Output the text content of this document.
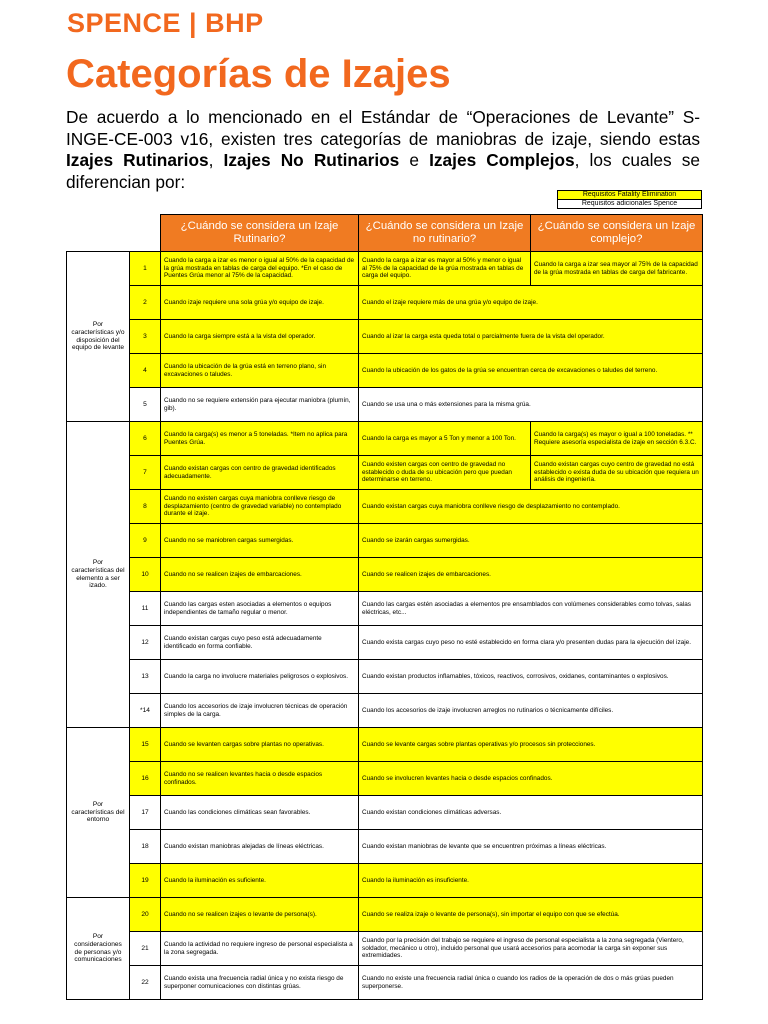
SPENCE | BHP
Categorías de Izajes

De acuerdo a lo mencionado en el Estándar de “Operaciones de Levante” S-INGE-CE-003 v16, existen tres categorías de maniobras de izaje, siendo estas Izajes Rutinarios, Izajes No Rutinarios e Izajes Complejos, los cuales se diferencian por:

Requisitos Fatality Elimination
Requisitos adicionales Spence
		¿Cuándo se considera un Izaje Rutinario?	¿Cuándo se considera un Izaje no rutinario?	¿Cuándo se considera un Izaje complejo?
Por características y/o disposición del equipo de levante	1	Cuando la carga a izar es menor o igual al 50% de la capacidad de la grúa mostrada en tablas de carga del equipo. *En el caso de Puentes Grúa menor al 75% de la capacidad.	Cuando la carga a izar es mayor al 50% y menor o igual al 75% de la capacidad de la grúa mostrada en tablas de carga del equipo.	Cuando la carga a izar sea mayor al 75% de la capacidad de la grúa mostrada en tablas de carga del fabricante.
	2	Cuando izaje requiere una sola grúa y/o equipo de izaje.	Cuando el izaje requiere más de una grúa y/o equipo de izaje.	
	3	Cuando la carga siempre está a la vista del operador.	Cuando al izar la carga esta queda total o parcialmente fuera de la vista del operador.	
	4	Cuando la ubicación de la grúa está en terreno plano, sin excavaciones o taludes.	Cuando la ubicación de los gatos de la grúa se encuentran cerca de excavaciones o taludes del terreno.	
	5	Cuando no se requiere extensión para ejecutar maniobra (plumín, gib).	Cuando se usa una o más extensiones para la misma grúa.	
Por características del elemento a ser izado.	6	Cuando la carga(s) es menor a 5 toneladas. *Item no aplica para Puentes Grúa.	Cuando la carga es mayor a 5 Ton y menor a 100 Ton.	Cuando la carga(s) es mayor o igual a 100 toneladas. ** Requiere asesoría especialista de izaje en sección 6.3.C.
	7	Cuando existan cargas con centro de gravedad identificados adecuadamente.	Cuando existen cargas con centro de gravedad no establecido o duda de su ubicación pero que puedan determinarse en terreno.	Cuando existan cargas cuyo centro de gravedad no está establecido o exista duda de su ubicación que requiera un análisis de ingeniería.
	8	Cuando no existen cargas cuya maniobra conlleve riesgo de desplazamiento (centro de gravedad variable) no contemplado durante el izaje.	Cuando existan cargas cuya maniobra conlleve riesgo de desplazamiento no contemplado.	
	9	Cuando no se maniobren cargas sumergidas.	Cuando se izarán cargas sumergidas.	
	10	Cuando no se realicen izajes de embarcaciones.	Cuando se realicen izajes de embarcaciones.	
	11	Cuando las cargas esten asociadas a elementos o equipos independientes de tamaño regular o menor.	Cuando las cargas estén asociadas a elementos pre ensamblados con volúmenes considerables como tolvas, salas eléctricas, etc...	
	12	Cuando existan cargas cuyo peso está adecuadamente identificado en forma confiable.	Cuando exista cargas cuyo peso no esté establecido en forma clara y/o presenten dudas para la ejecución del izaje.	
	13	Cuando la carga no involucre materiales peligrosos o explosivos.	Cuando existan productos inflamables, tóxicos, reactivos, corrosivos, oxidanes, contaminantes o explosivos.	
	*14	Cuando los accesorios de izaje involucren técnicas de operación simples de la carga.	Cuando los accesorios de izaje involucren arreglos no rutinarios o técnicamente difíciles.	
Por características del entorno	15	Cuando se levanten cargas sobre plantas no operativas.	Cuando se levante cargas sobre plantas operativas y/o procesos sin protecciones.	
	16	Cuando no se realicen levantes hacia o desde espacios confinados.	Cuando se involucren levantes hacia o desde espacios confinados.	
	17	Cuando las condiciones climáticas sean favorables.	Cuando existan condiciones climáticas adversas.	
	18	Cuando existan maniobras alejadas de líneas eléctricas.	Cuando existan maniobras de levante que se encuentren próximas a líneas eléctricas.	
	19	Cuando la iluminación es suficiente.	Cuando la iluminación es insuficiente.	
Por consideraciones de personas y/o comunicaciones	20	Cuando no se realicen izajes o levante de persona(s).	Cuando se realiza izaje o levante de persona(s), sin importar el equipo con que se efectúa.	
	21	Cuando la actividad no requiere ingreso de personal especialista a la zona segregada.	Cuando por la precisión del trabajo se requiere el ingreso de personal especialista a la zona segregada (Vientero, soldador, mecánico u otro), incluido personal que usará accesorios para acomodar la carga sin exponer sus extremidades.	
	22	Cuando exista una frecuencia radial única y no exista riesgo de superponer comunicaciones con distintas grúas.	Cuando no existe una frecuencia radial única o cuando los radios de la operación de dos o más grúas pueden superponerse.	
